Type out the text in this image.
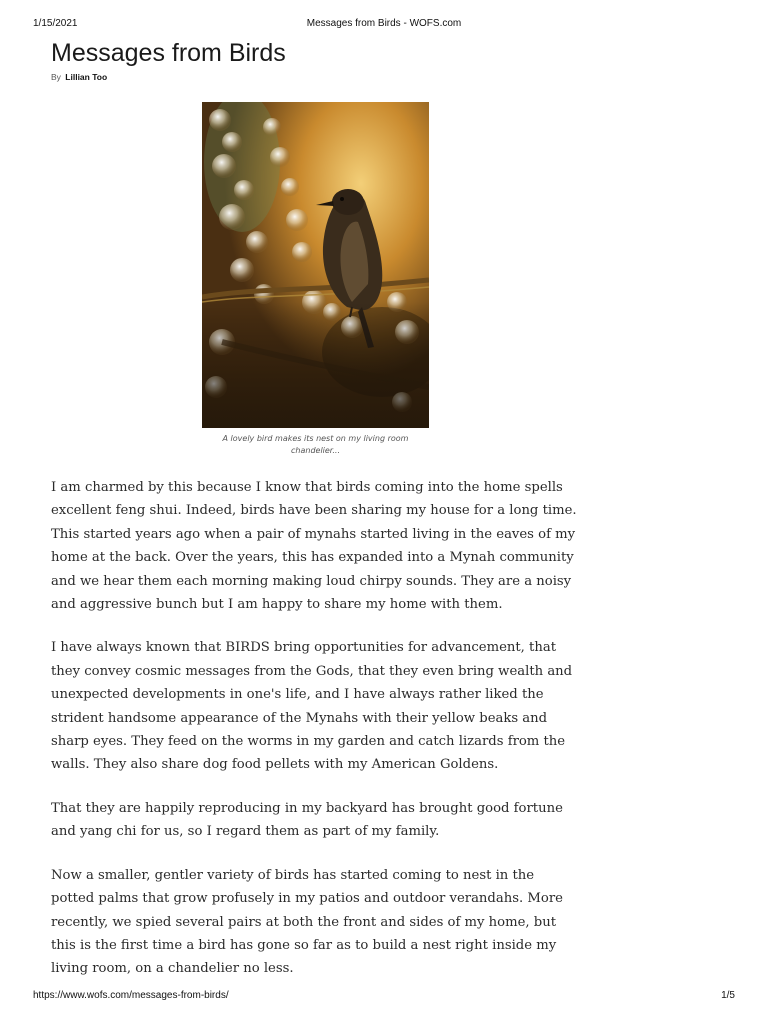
1/15/2021	Messages from Birds - WOFS.com
Messages from Birds
By Lillian Too
A lovely bird makes its nest on my living room chandelier...

I am charmed by this because I know that birds coming into the home spells excellent feng shui. Indeed, birds have been sharing my house for a long time. This started years ago when a pair of mynahs started living in the eaves of my home at the back. Over the years, this has expanded into a Mynah community and we hear them each morning making loud chirpy sounds. They are a noisy and aggressive bunch but I am happy to share my home with them.

I have always known that BIRDS bring opportunities for advancement, that they convey cosmic messages from the Gods, that they even bring wealth and unexpected developments in one's life, and I have always rather liked the strident handsome appearance of the Mynahs with their yellow beaks and sharp eyes. They feed on the worms in my garden and catch lizards from the walls. They also share dog food pellets with my American Goldens.

That they are happily reproducing in my backyard has brought good fortune and yang chi for us, so I regard them as part of my family.

Now a smaller, gentler variety of birds has started coming to nest in the potted palms that grow profusely in my patios and outdoor verandahs. More recently, we spied several pairs at both the front and sides of my home, but this is the first time a bird has gone so far as to build a nest right inside my living room, on a chandelier no less.

https://www.wofs.com/messages-from-birds/	1/5
